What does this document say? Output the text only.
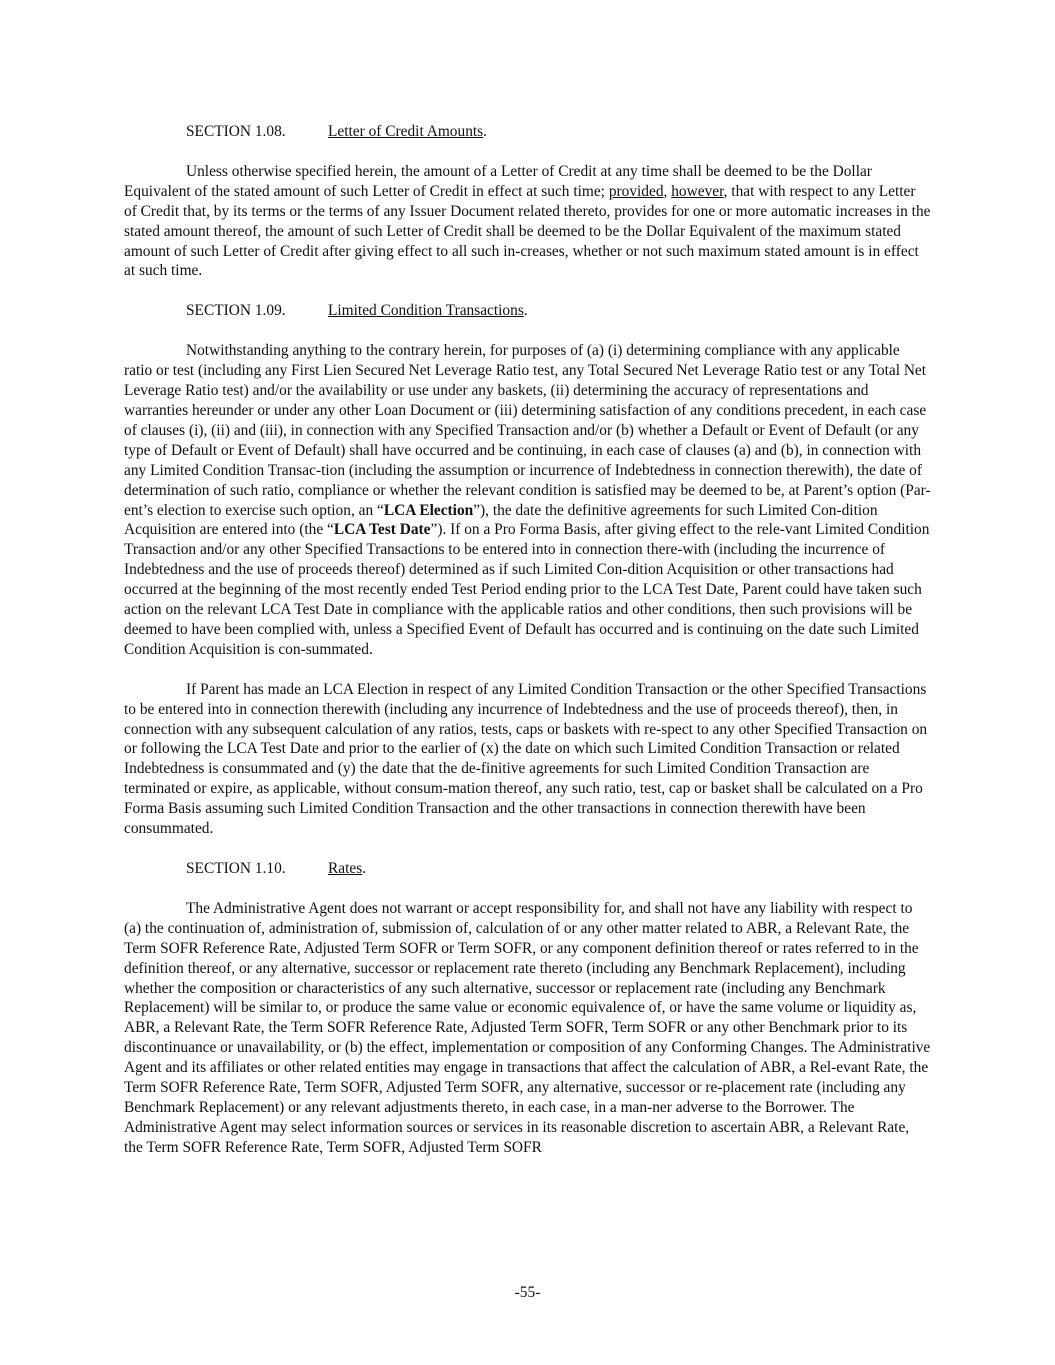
SECTION 1.08.	Letter of Credit Amounts.

Unless otherwise specified herein, the amount of a Letter of Credit at any time shall be deemed to be the Dollar Equivalent of the stated amount of such Letter of Credit in effect at such time; provided, however, that with respect to any Letter of Credit that, by its terms or the terms of any Issuer Document related thereto, provides for one or more automatic increases in the stated amount thereof, the amount of such Letter of Credit shall be deemed to be the Dollar Equivalent of the maximum stated amount of such Letter of Credit after giving effect to all such in-creases, whether or not such maximum stated amount is in effect at such time.

SECTION 1.09.	Limited Condition Transactions.

Notwithstanding anything to the contrary herein, for purposes of (a) (i) determining compliance with any applicable ratio or test (including any First Lien Secured Net Leverage Ratio test, any Total Secured Net Leverage Ratio test or any Total Net Leverage Ratio test) and/or the availability or use under any baskets, (ii) determining the accuracy of representations and warranties hereunder or under any other Loan Document or (iii) determining satisfaction of any conditions precedent, in each case of clauses (i), (ii) and (iii), in connection with any Specified Transaction and/or (b) whether a Default or Event of Default (or any type of Default or Event of Default) shall have occurred and be continuing, in each case of clauses (a) and (b), in connection with any Limited Condition Transac-tion (including the assumption or incurrence of Indebtedness in connection therewith), the date of determination of such ratio, compliance or whether the relevant condition is satisfied may be deemed to be, at Parent’s option (Par-ent’s election to exercise such option, an “LCA Election”), the date the definitive agreements for such Limited Con-dition Acquisition are entered into (the “LCA Test Date”). If on a Pro Forma Basis, after giving effect to the rele-vant Limited Condition Transaction and/or any other Specified Transactions to be entered into in connection there-with (including the incurrence of Indebtedness and the use of proceeds thereof) determined as if such Limited Con-dition Acquisition or other transactions had occurred at the beginning of the most recently ended Test Period ending prior to the LCA Test Date, Parent could have taken such action on the relevant LCA Test Date in compliance with the applicable ratios and other conditions, then such provisions will be deemed to have been complied with, unless a Specified Event of Default has occurred and is continuing on the date such Limited Condition Acquisition is con-summated.

If Parent has made an LCA Election in respect of any Limited Condition Transaction or the other Specified Transactions to be entered into in connection therewith (including any incurrence of Indebtedness and the use of proceeds thereof), then, in connection with any subsequent calculation of any ratios, tests, caps or baskets with re-spect to any other Specified Transaction on or following the LCA Test Date and prior to the earlier of (x) the date on which such Limited Condition Transaction or related Indebtedness is consummated and (y) the date that the de-finitive agreements for such Limited Condition Transaction are terminated or expire, as applicable, without consum-mation thereof, any such ratio, test, cap or basket shall be calculated on a Pro Forma Basis assuming such Limited Condition Transaction and the other transactions in connection therewith have been consummated.

SECTION 1.10.	Rates.

The Administrative Agent does not warrant or accept responsibility for, and shall not have any liability with respect to (a) the continuation of, administration of, submission of, calculation of or any other matter related to ABR, a Relevant Rate, the Term SOFR Reference Rate, Adjusted Term SOFR or Term SOFR, or any component definition thereof or rates referred to in the definition thereof, or any alternative, successor or replacement rate thereto (including any Benchmark Replacement), including whether the composition or characteristics of any such alternative, successor or replacement rate (including any Benchmark Replacement) will be similar to, or produce the same value or economic equivalence of, or have the same volume or liquidity as, ABR, a Relevant Rate, the Term SOFR Reference Rate, Adjusted Term SOFR, Term SOFR or any other Benchmark prior to its discontinuance or unavailability, or (b) the effect, implementation or composition of any Conforming Changes. The Administrative Agent and its affiliates or other related entities may engage in transactions that affect the calculation of ABR, a Rel-evant Rate, the Term SOFR Reference Rate, Term SOFR, Adjusted Term SOFR, any alternative, successor or re-placement rate (including any Benchmark Replacement) or any relevant adjustments thereto, in each case, in a man-ner adverse to the Borrower. The Administrative Agent may select information sources or services in its reasonable discretion to ascertain ABR, a Relevant Rate, the Term SOFR Reference Rate, Term SOFR, Adjusted Term SOFR

-55-
